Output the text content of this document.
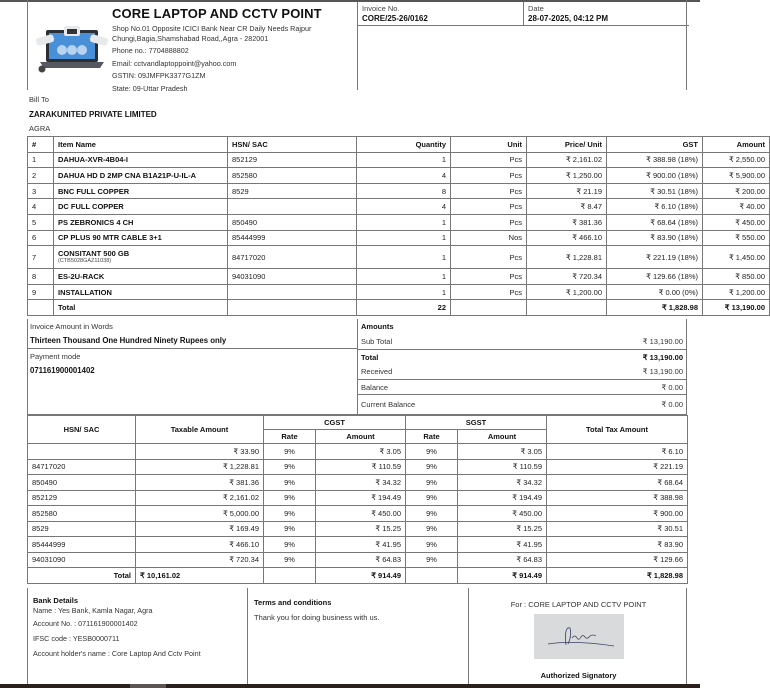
CORE LAPTOP AND CCTV POINT
Shop No.01 Opposite ICICI Bank Near CR Daily Needs Rajpur
Chungi,Bagia,Shamshabad Road,,Agra - 282001
Phone no.: 7704888802
Email: cctvandlaptoppoint@yahoo.com
GSTIN: 09JMFPK3377G1ZM
State: 09-Uttar Pradesh
Invoice No.
CORE/25-26/0162
Date
28-07-2025, 04:12 PM
Bill To
ZARAKUNITED PRIVATE LIMITED
AGRA
#	Item Name	HSN/ SAC	Quantity	Unit	Price/ Unit	GST	Amount
1	DAHUA-XVR-4B04-I	852129	1	Pcs	₹ 2,161.02	₹ 388.98 (18%)	₹ 2,550.00
2	DAHUA HD D 2MP CNA B1A21P-U-IL-A	852580	4	Pcs	₹ 1,250.00	₹ 900.00 (18%)	₹ 5,900.00
3	BNC FULL COPPER	8529	8	Pcs	₹ 21.19	₹ 30.51 (18%)	₹ 200.00
4	DC FULL COPPER		4	Pcs	₹ 8.47	₹ 6.10 (18%)	₹ 40.00
5	PS ZEBRONICS 4 CH	850490	1	Pcs	₹ 381.36	₹ 68.64 (18%)	₹ 450.00
6	CP PLUS 90 MTR CABLE 3+1	85444999	1	Nos	₹ 466.10	₹ 83.90 (18%)	₹ 550.00
7	CONSITANT 500 GB
(CTB5028GAZ11038)	84717020	1	Pcs	₹ 1,228.81	₹ 221.19 (18%)	₹ 1,450.00
8	ES-2U-RACK	94031090	1	Pcs	₹ 720.34	₹ 129.66 (18%)	₹ 850.00
9	INSTALLATION		1	Pcs	₹ 1,200.00	₹ 0.00 (0%)	₹ 1,200.00
	Total		22			₹ 1,828.98	₹ 13,190.00
Invoice Amount in Words
Thirteen Thousand One Hundred Ninety Rupees only
Payment mode
071161900001402
Amounts
Sub Total	₹ 13,190.00
Total	₹ 13,190.00
Received	₹ 13,190.00
Balance	₹ 0.00
Current Balance	₹ 0.00
HSN/ SAC	Taxable Amount	CGST		SGST		Total Tax Amount
		Rate	Amount	Rate	Amount	
	₹ 33.90	9%	₹ 3.05	9%	₹ 3.05	₹ 6.10
84717020	₹ 1,228.81	9%	₹ 110.59	9%	₹ 110.59	₹ 221.19
850490	₹ 381.36	9%	₹ 34.32	9%	₹ 34.32	₹ 68.64
852129	₹ 2,161.02	9%	₹ 194.49	9%	₹ 194.49	₹ 388.98
852580	₹ 5,000.00	9%	₹ 450.00	9%	₹ 450.00	₹ 900.00
8529	₹ 169.49	9%	₹ 15.25	9%	₹ 15.25	₹ 30.51
85444999	₹ 466.10	9%	₹ 41.95	9%	₹ 41.95	₹ 83.90
94031090	₹ 720.34	9%	₹ 64.83	9%	₹ 64.83	₹ 129.66
Total	₹ 10,161.02		₹ 914.49		₹ 914.49	₹ 1,828.98
Bank Details
Name : Yes Bank, Kamla Nagar, Agra
Account No. : 071161900001402
IFSC code : YESB0000711
Account holder's name : Core Laptop And Cctv Point
Terms and conditions
Thank you for doing business with us.
For : CORE LAPTOP AND CCTV POINT
Authorized Signatory
